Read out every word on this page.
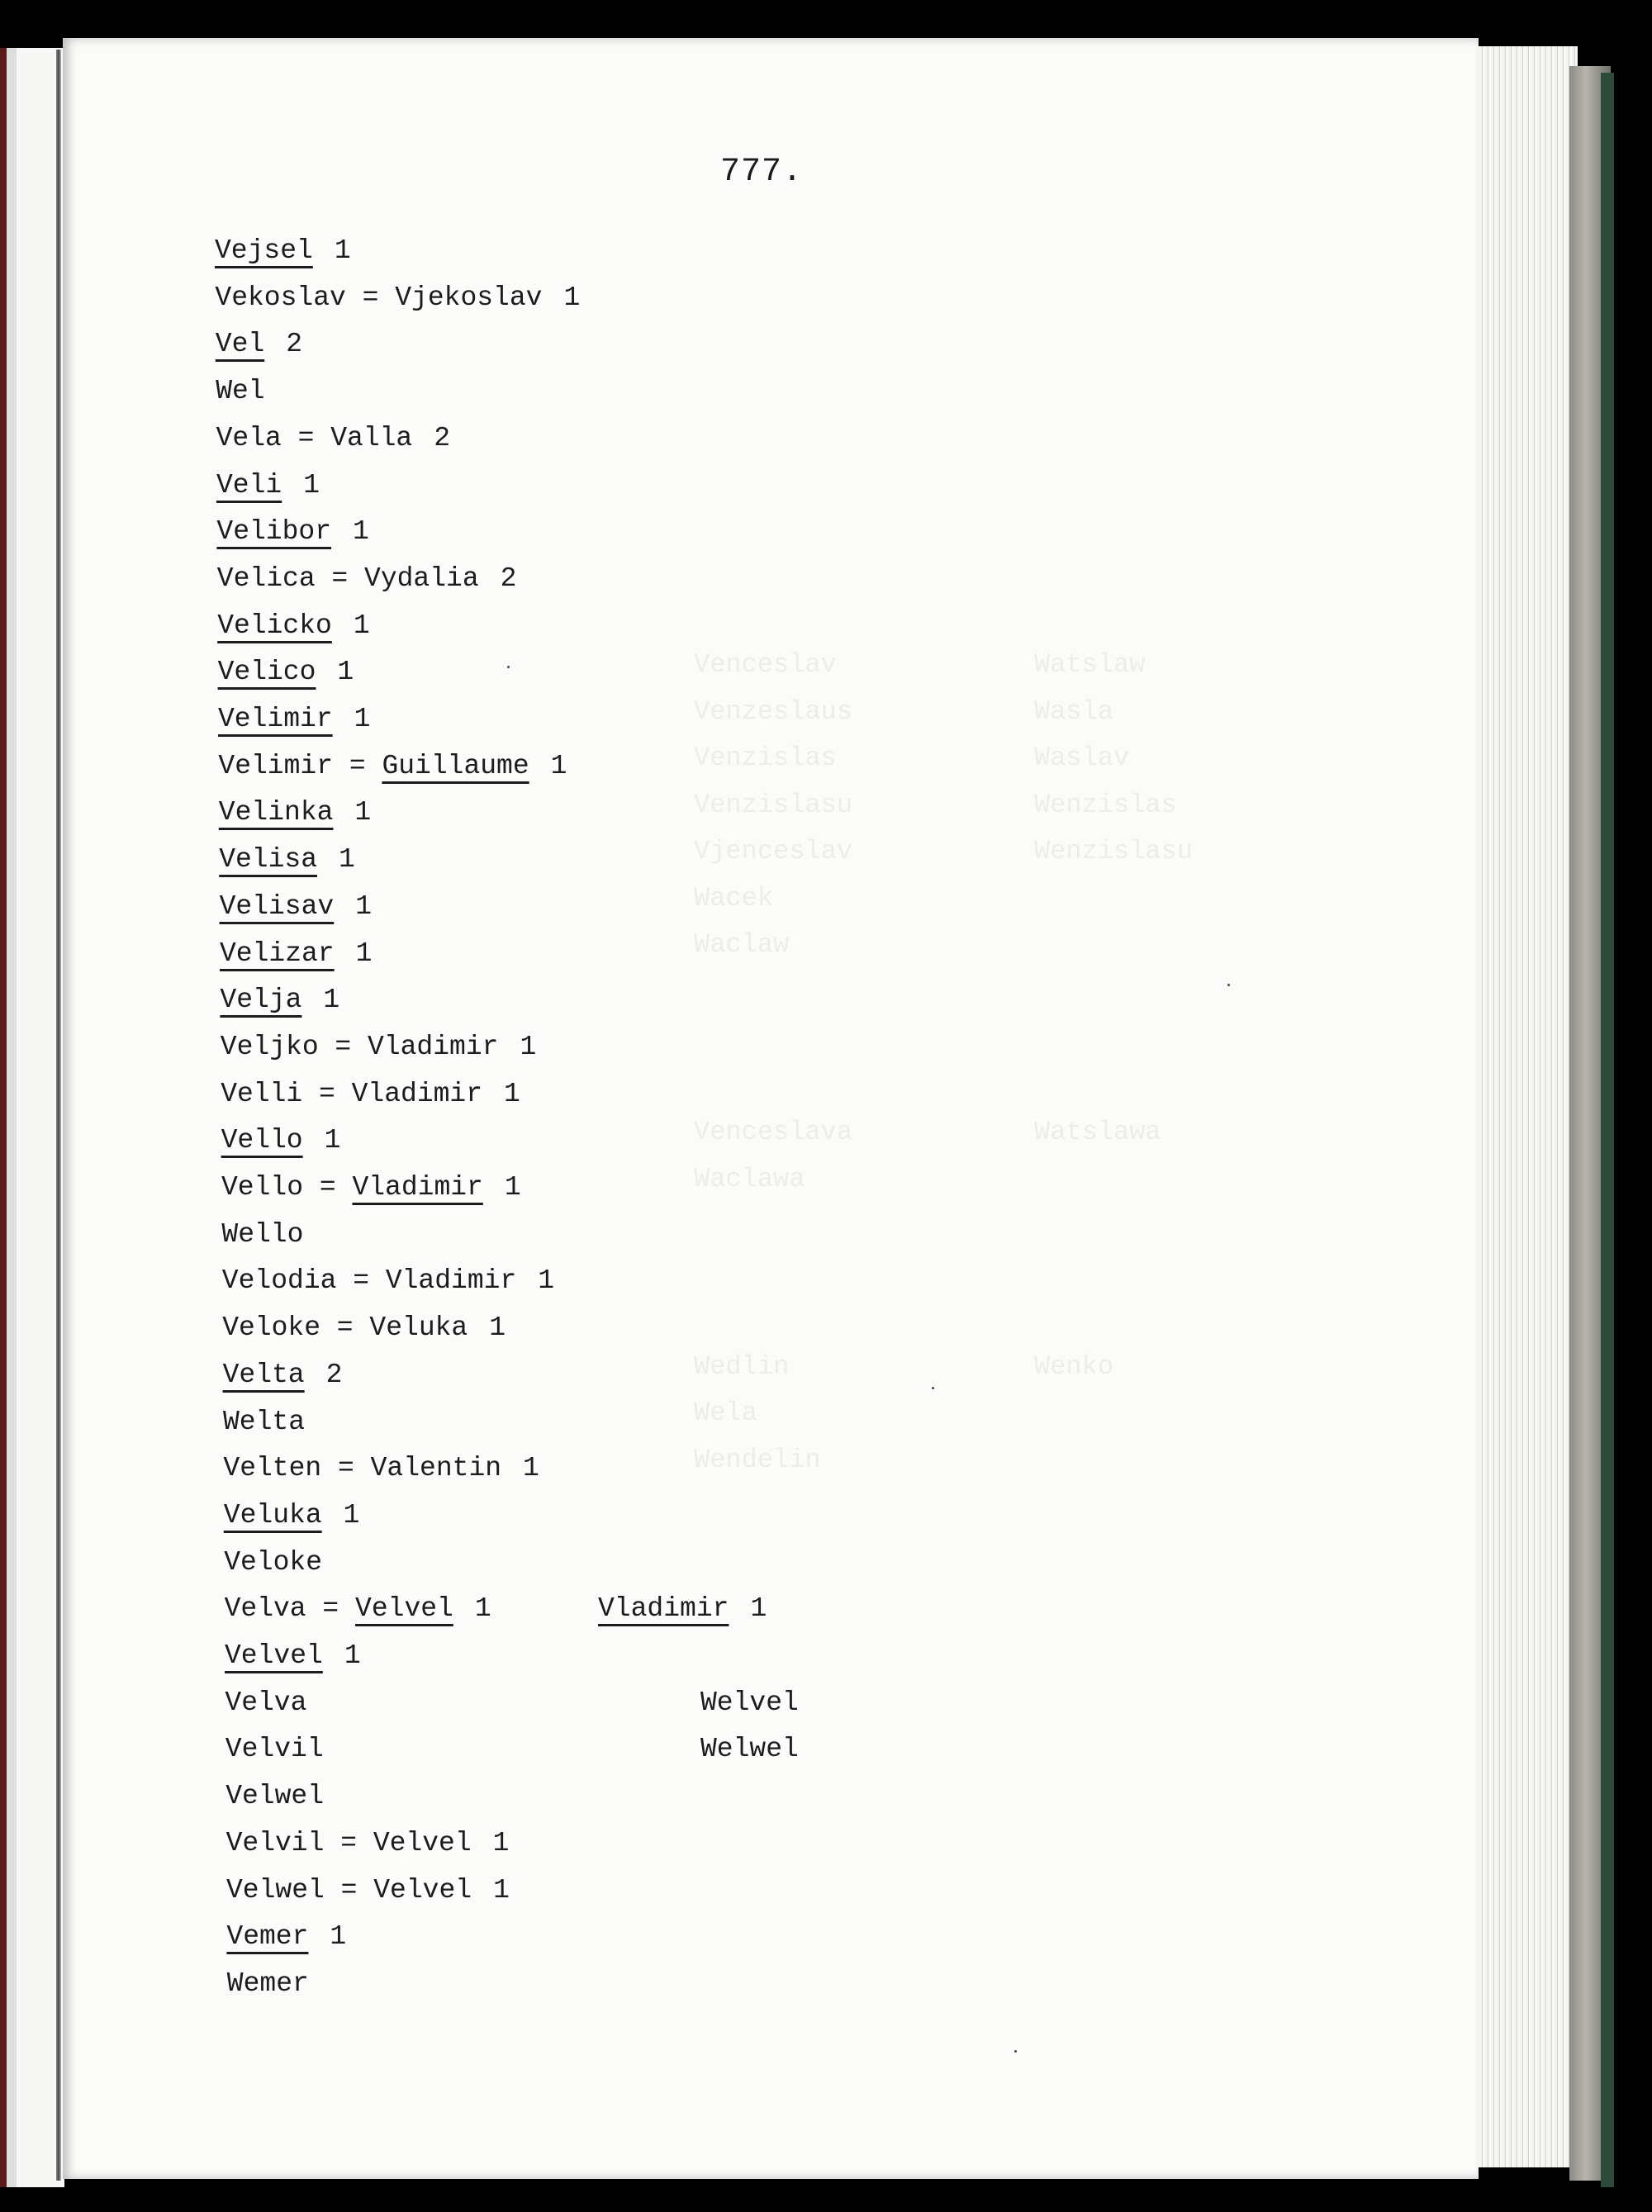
Venceslav
Venzeslaus
Venzislas
Venzislasu
Vjenceslav
Wacek
Waclaw
Venceslava
Waclawa
Wedlin
Wela
Wendelin
Watslaw
Wasla
Waslav
Wenzislas
Wenzislasu
Watslawa
Wenko
777.
Vejsel 1
Vekoslav = Vjekoslav 1
Vel 2
Wel
Vela = Valla 2
Veli 1
Velibor 1
Velica = Vydalia 2
Velicko 1
Velico 1
Velimir 1
Velimir = Guillaume 1
Velinka 1
Velisa 1
Velisav 1
Velizar 1
Velja 1
Veljko = Vladimir 1
Velli = Vladimir 1
Vello 1
Vello = Vladimir 1
Wello
Velodia = Vladimir 1
Veloke = Veluka 1
Velta 2
Welta
Velten = Valentin 1
Veluka 1
Veloke
Velva = Velvel 1	Vladimir 1
Velvel 1
Velva	Welvel
Velvil	Welwel
Velwel
Velvil = Velvel 1
Velwel = Velvel 1
Vemer 1
Wemer
